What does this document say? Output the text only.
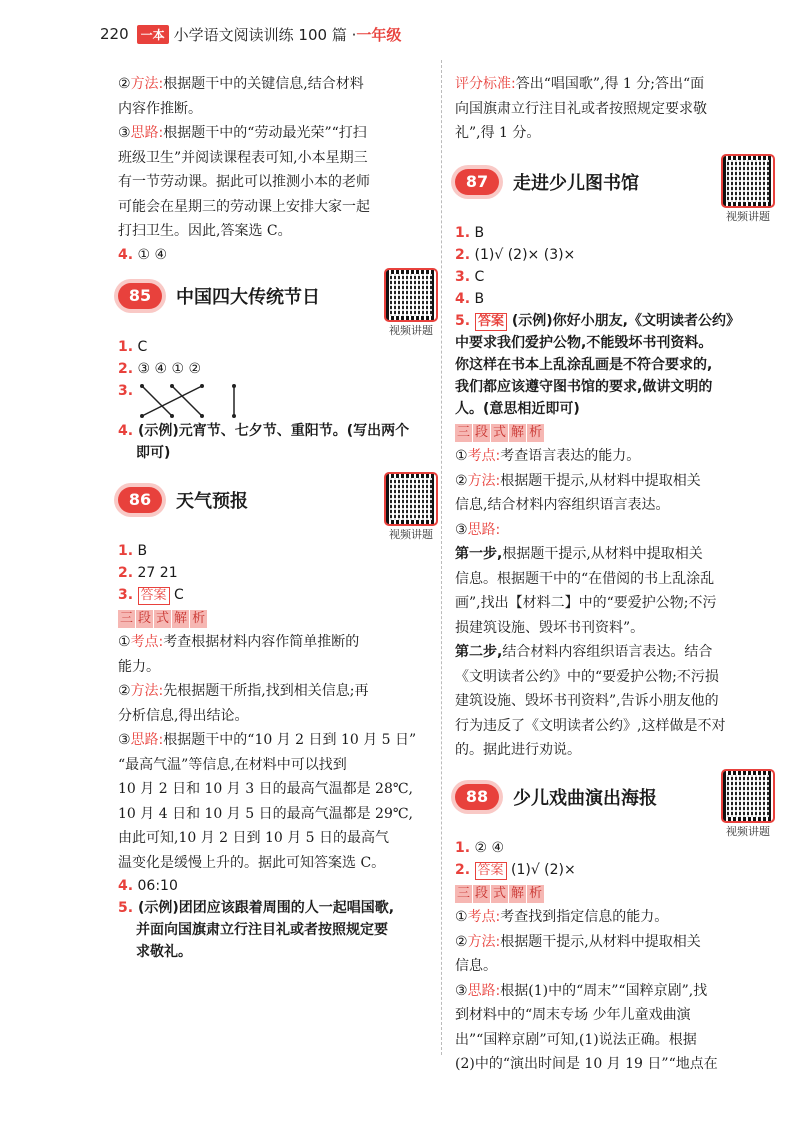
220	一本 小学语文阅读训练 100 篇 · 一年级
②方法:根据题干中的关键信息,结合材料
内容作推断。
③思路:根据题干中的“劳动最光荣”“打扫
班级卫生”并阅读课程表可知,小本星期三
有一节劳动课。据此可以推测小本的老师
可能会在星期三的劳动课上安排大家一起
打扫卫生。因此,答案选 C。
4. ① ④
85	中国四大传统节日
视频讲题
1. C
2. ③ ④ ① ②
3.
4. (示例)元宵节、七夕节、重阳节。(写出两个
即可)
86	天气预报
视频讲题
1. B
2. 27 21
3. 答案 C
三 段 式 解 析
①考点:考查根据材料内容作简单推断的
能力。
②方法:先根据题干所指,找到相关信息;再
分析信息,得出结论。
③思路:根据题干中的“10 月 2 日到 10 月 5 日”
“最高气温”等信息,在材料中可以找到
10 月 2 日和 10 月 3 日的最高气温都是 28℃,
10 月 4 日和 10 月 5 日的最高气温都是 29℃,
由此可知,10 月 2 日到 10 月 5 日的最高气
温变化是缓慢上升的。据此可知答案选 C。
4. 06:10
5. (示例)团团应该跟着周围的人一起唱国歌,
并面向国旗肃立行注目礼或者按照规定要
求敬礼。
评分标准:答出“唱国歌”,得 1 分;答出“面
向国旗肃立行注目礼或者按照规定要求敬
礼”,得 1 分。
87	走进少儿图书馆
视频讲题
1. B
2. (1)√ (2)× (3)×
3. C
4. B
5. 答案 (示例)你好小朋友,《文明读者公约》
中要求我们爱护公物,不能毁坏书刊资料。
你这样在书本上乱涂乱画是不符合要求的,
我们都应该遵守图书馆的要求,做讲文明的
人。(意思相近即可)
三 段 式 解 析
①考点:考查语言表达的能力。
②方法:根据题干提示,从材料中提取相关
信息,结合材料内容组织语言表达。
③思路:
第一步,根据题干提示,从材料中提取相关
信息。根据题干中的“在借阅的书上乱涂乱
画”,找出【材料二】中的“要爱护公物;不污
损建筑设施、毁坏书刊资料”。
第二步,结合材料内容组织语言表达。结合
《文明读者公约》中的“要爱护公物;不污损
建筑设施、毁坏书刊资料”,告诉小朋友他的
行为违反了《文明读者公约》,这样做是不对
的。据此进行劝说。
88	少儿戏曲演出海报
视频讲题
1. ② ④
2. 答案 (1)√ (2)×
三 段 式 解 析
①考点:考查找到指定信息的能力。
②方法:根据题干提示,从材料中提取相关
信息。
③思路:根据(1)中的“周末”“国粹京剧”,找
到材料中的“周末专场 少年儿童戏曲演
出”“国粹京剧”可知,(1)说法正确。根据
(2)中的“演出时间是 10 月 19 日”“地点在
